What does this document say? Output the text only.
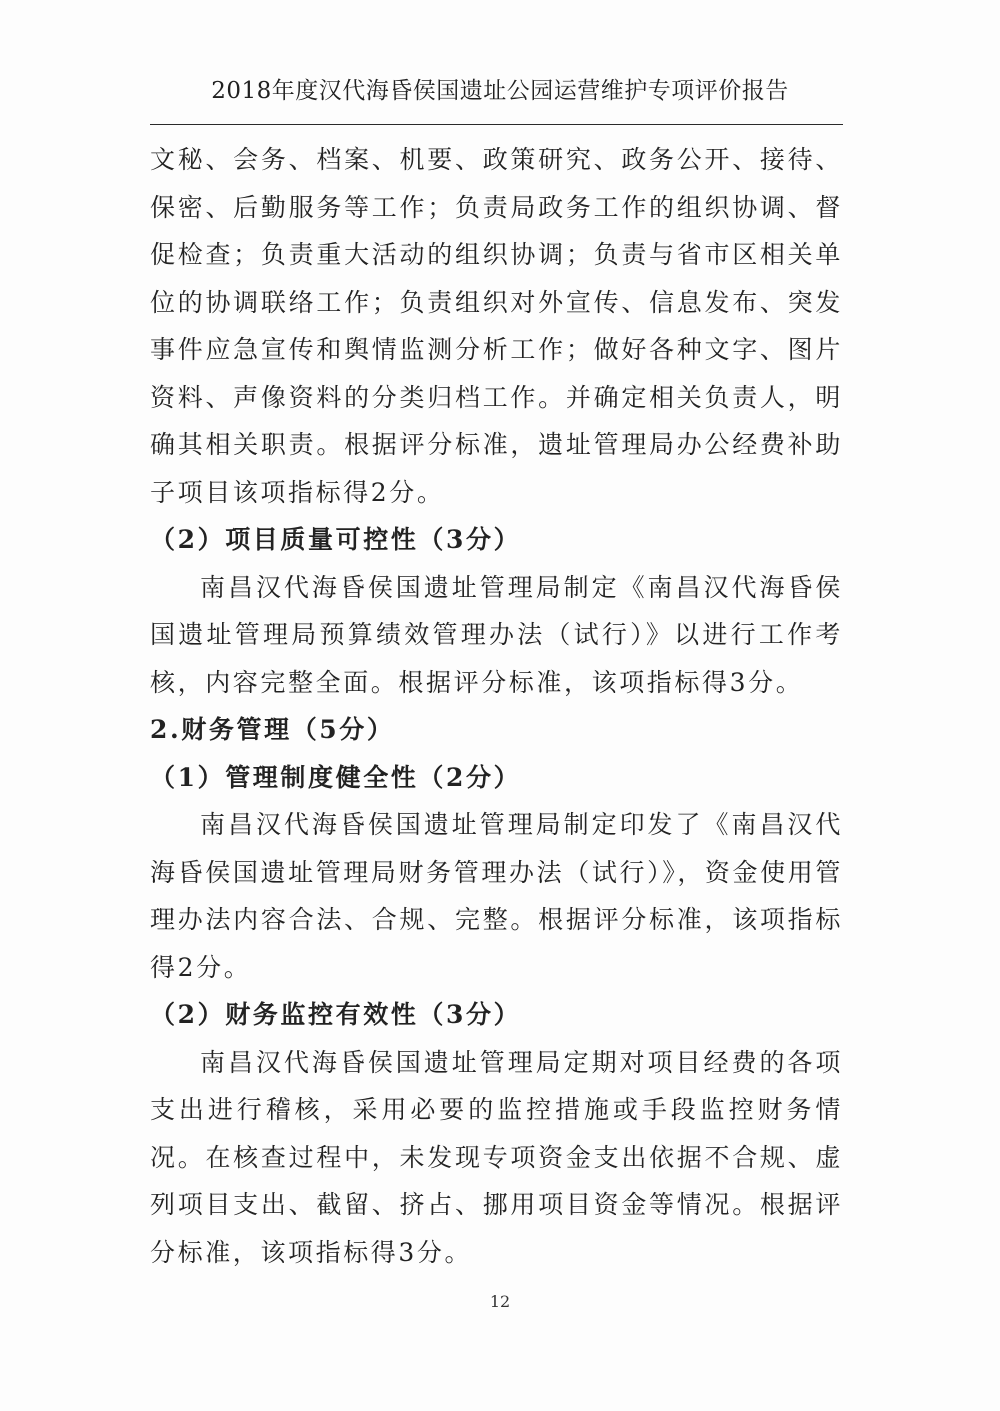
2018年度汉代海昏侯国遗址公园运营维护专项评价报告

文秘、会务、档案、机要、政策研究、政务公开、接待、保密、后勤服务等工作；负责局政务工作的组织协调、督促检查；负责重大活动的组织协调；负责与省市区相关单位的协调联络工作；负责组织对外宣传、信息发布、突发事件应急宣传和舆情监测分析工作；做好各种文字、图片资料、声像资料的分类归档工作。并确定相关负责人，明确其相关职责。根据评分标准，遗址管理局办公经费补助子项目该项指标得2分。

（2）项目质量可控性（3分）

南昌汉代海昏侯国遗址管理局制定《南昌汉代海昏侯国遗址管理局预算绩效管理办法（试行）》以进行工作考核，内容完整全面。根据评分标准，该项指标得3分。

2.财务管理（5分）

（1）管理制度健全性（2分）

南昌汉代海昏侯国遗址管理局制定印发了《南昌汉代海昏侯国遗址管理局财务管理办法（试行）》，资金使用管理办法内容合法、合规、完整。根据评分标准，该项指标得2分。

（2）财务监控有效性（3分）

南昌汉代海昏侯国遗址管理局定期对项目经费的各项支出进行稽核，采用必要的监控措施或手段监控财务情况。在核查过程中，未发现专项资金支出依据不合规、虚列项目支出、截留、挤占、挪用项目资金等情况。根据评分标准，该项指标得3分。

12
